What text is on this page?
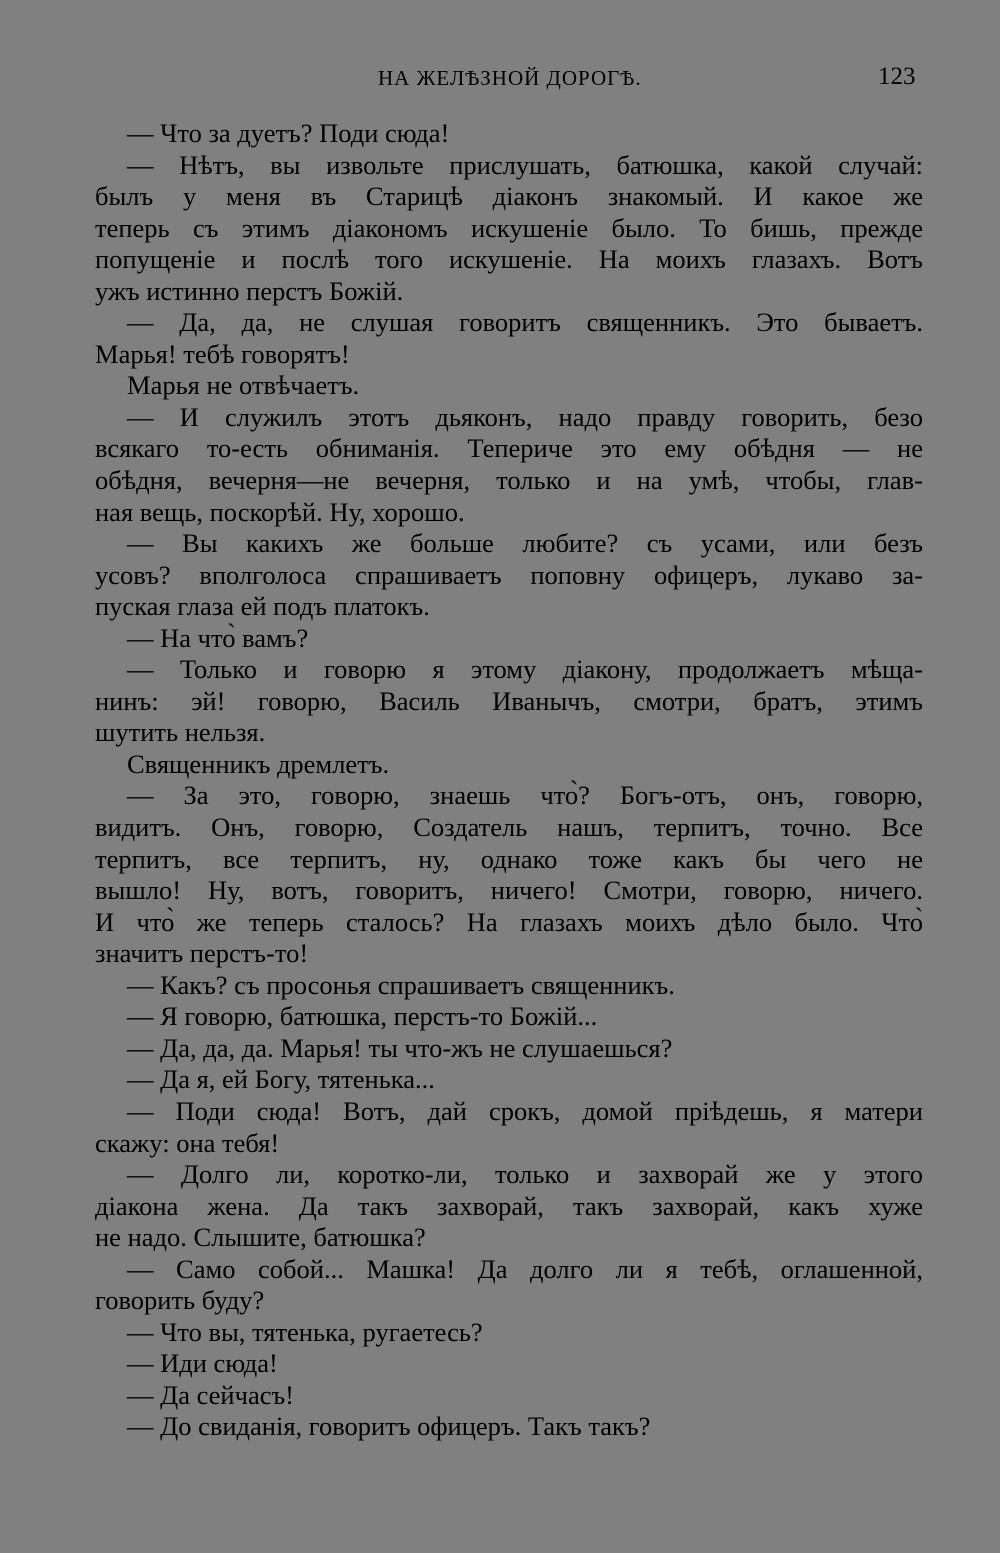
НА ЖЕЛѢЗНОЙ ДОРОГѢ.	123
— Что за дуетъ? Поди сюда!
— Нѣтъ, вы извольте прислушать, батюшка, какой случай:
былъ у меня въ Старицѣ діаконъ знакомый. И какое же
теперь съ этимъ діакономъ искушеніе было. То бишь, прежде
попущеніе и послѣ того искушеніе. На моихъ глазахъ. Вотъ
ужъ истинно перстъ Божій.
— Да, да, не слушая говоритъ священникъ. Это бываетъ.
Марья! тебѣ говорятъ!
Марья не отвѣчаетъ.
— И служилъ этотъ дьяконъ, надо правду говорить, безо
всякаго то-есть обниманія. Тепериче это ему обѣдня — не
обѣдня, вечерня—не вечерня, только и на умѣ, чтобы, глав-
ная вещь, поскорѣй. Ну, хорошо.
— Вы какихъ же больше любите? съ усами, или безъ
усовъ? вполголоса спрашиваетъ поповну офицеръ, лукаво за-
пуская глаза ей подъ платокъ.
— На что̀ вамъ?
— Только и говорю я этому діакону, продолжаетъ мѣща-
нинъ: эй! говорю, Василь Иванычъ, смотри, братъ, этимъ
шутить нельзя.
Священникъ дремлетъ.
— За это, говорю, знаешь что̀? Богъ-отъ, онъ, говорю,
видитъ. Онъ, говорю, Создатель нашъ, терпитъ, точно. Все
терпитъ, все терпитъ, ну, однако тоже какъ бы чего не
вышло! Ну, вотъ, говоритъ, ничего! Смотри, говорю, ничего.
И что̀ же теперь сталось? На глазахъ моихъ дѣло было. Что̀
значитъ перстъ-то!
— Какъ? съ просонья спрашиваетъ священникъ.
— Я говорю, батюшка, перстъ-то Божій...
— Да, да, да. Марья! ты что-жъ не слушаешься?
— Да я, ей Богу, тятенька...
— Поди сюда! Вотъ, дай срокъ, домой пріѣдешь, я матери
скажу: она тебя!
— Долго ли, коротко-ли, только и захворай же у этого
діакона жена. Да такъ захворай, такъ захворай, какъ хуже
не надо. Слышите, батюшка?
— Само собой... Машка! Да долго ли я тебѣ, оглашенной,
говорить буду?
— Что вы, тятенька, ругаетесь?
— Иди сюда!
— Да сейчасъ!
— До свиданія, говоритъ офицеръ. Такъ такъ?
